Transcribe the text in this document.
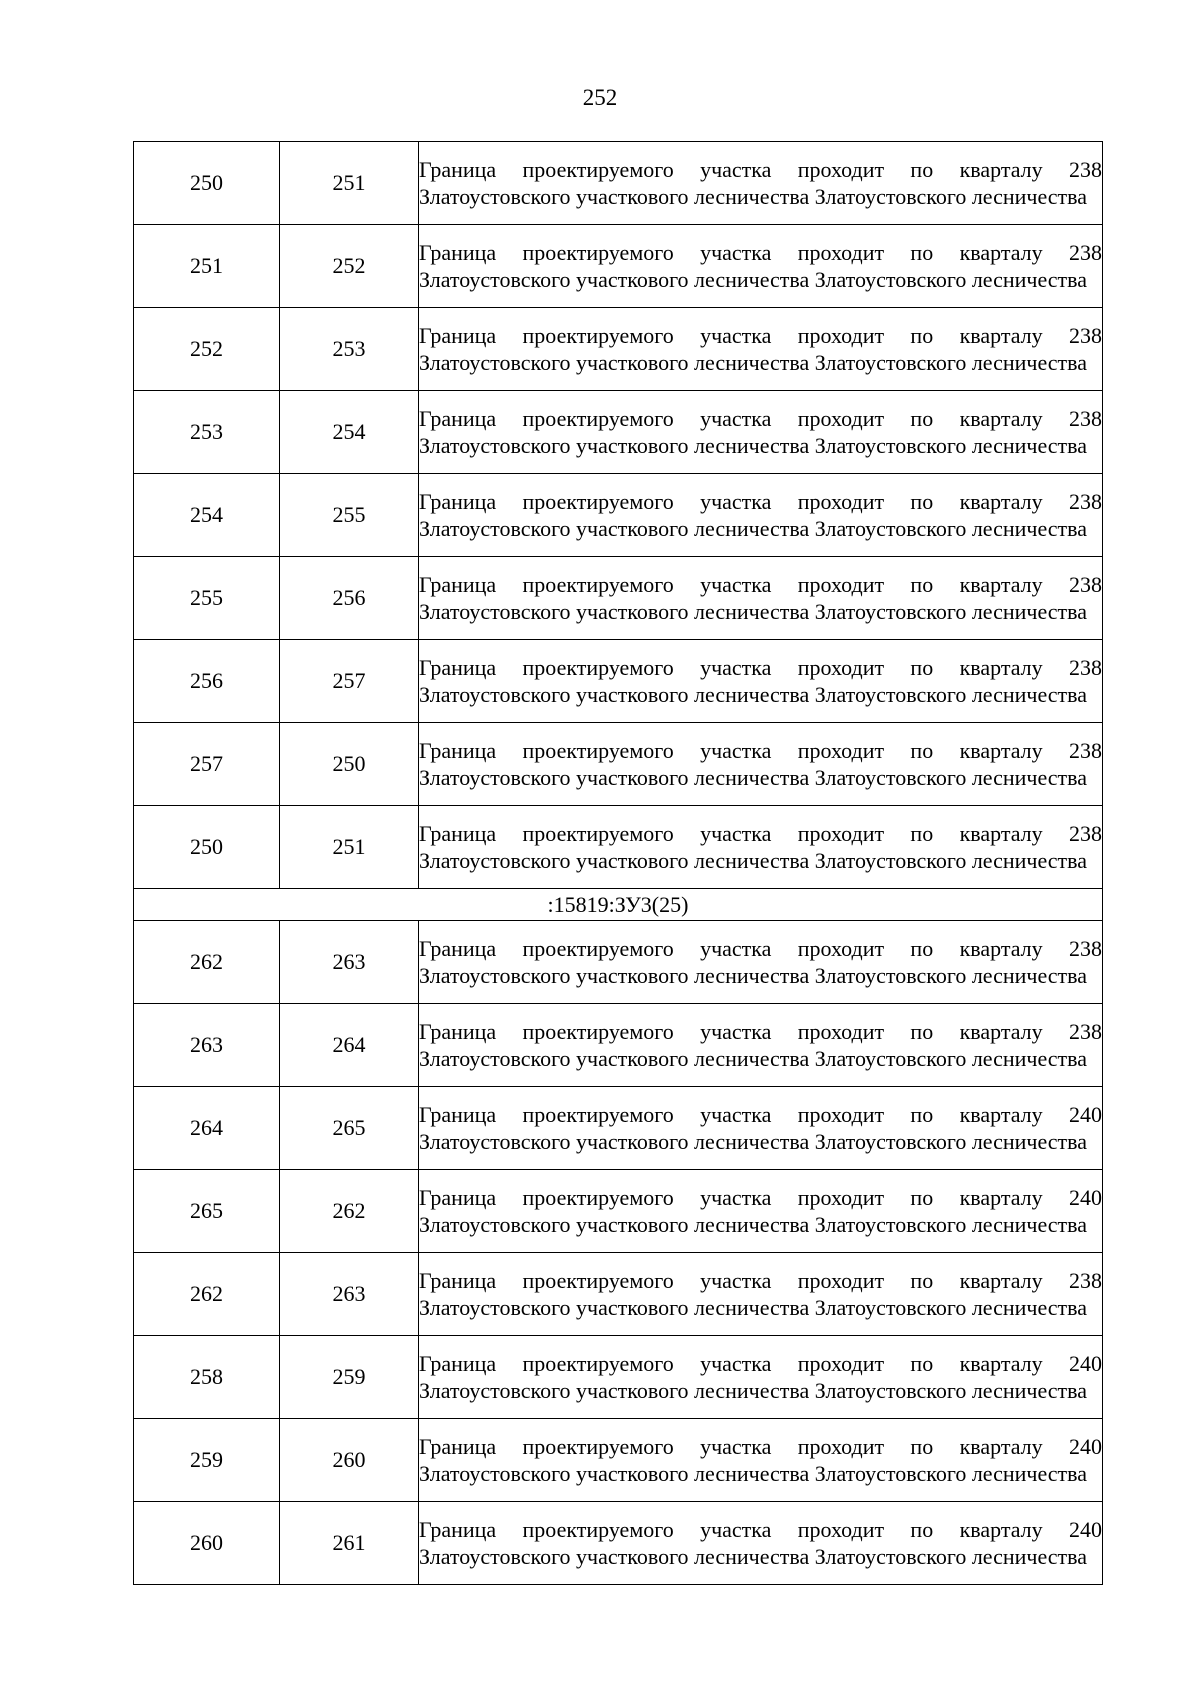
252
250	251	Граница проектируемого участка проходит по кварталу 238 Златоустовского участкового лесничества Златоустовского лесничества
251	252	Граница проектируемого участка проходит по кварталу 238 Златоустовского участкового лесничества Златоустовского лесничества
252	253	Граница проектируемого участка проходит по кварталу 238 Златоустовского участкового лесничества Златоустовского лесничества
253	254	Граница проектируемого участка проходит по кварталу 238 Златоустовского участкового лесничества Златоустовского лесничества
254	255	Граница проектируемого участка проходит по кварталу 238 Златоустовского участкового лесничества Златоустовского лесничества
255	256	Граница проектируемого участка проходит по кварталу 238 Златоустовского участкового лесничества Златоустовского лесничества
256	257	Граница проектируемого участка проходит по кварталу 238 Златоустовского участкового лесничества Златоустовского лесничества
257	250	Граница проектируемого участка проходит по кварталу 238 Златоустовского участкового лесничества Златоустовского лесничества
250	251	Граница проектируемого участка проходит по кварталу 238 Златоустовского участкового лесничества Златоустовского лесничества
:15819:ЗУ3(25)		
262	263	Граница проектируемого участка проходит по кварталу 238 Златоустовского участкового лесничества Златоустовского лесничества
263	264	Граница проектируемого участка проходит по кварталу 238 Златоустовского участкового лесничества Златоустовского лесничества
264	265	Граница проектируемого участка проходит по кварталу 240 Златоустовского участкового лесничества Златоустовского лесничества
265	262	Граница проектируемого участка проходит по кварталу 240 Златоустовского участкового лесничества Златоустовского лесничества
262	263	Граница проектируемого участка проходит по кварталу 238 Златоустовского участкового лесничества Златоустовского лесничества
258	259	Граница проектируемого участка проходит по кварталу 240 Златоустовского участкового лесничества Златоустовского лесничества
259	260	Граница проектируемого участка проходит по кварталу 240 Златоустовского участкового лесничества Златоустовского лесничества
260	261	Граница проектируемого участка проходит по кварталу 240 Златоустовского участкового лесничества Златоустовского лесничества
